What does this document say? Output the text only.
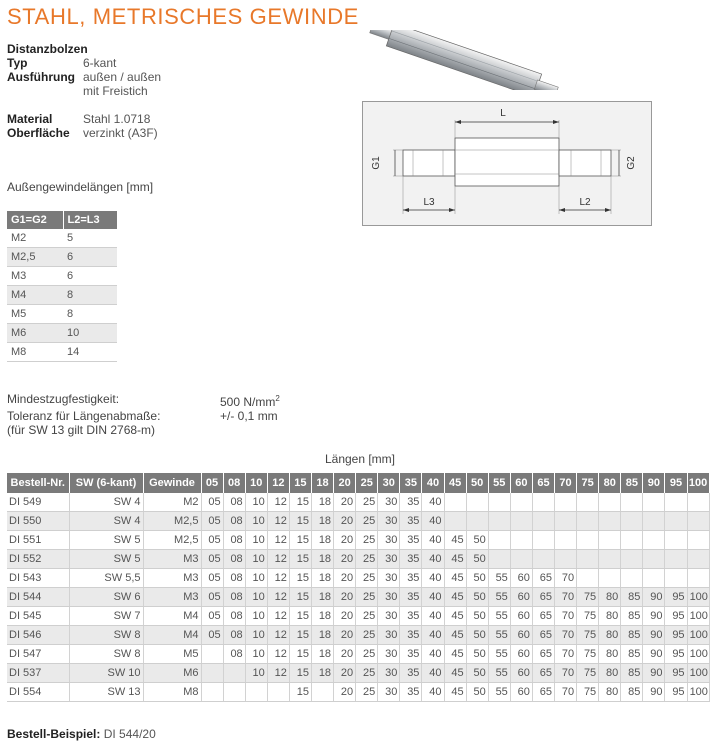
STAHL, METRISCHES GEWINDE
Distanzbolzen	
Typ	6-kant
Ausführung	außen / außen
	mit Freistich

Material	Stahl 1.0718
Oberfläche	verzinkt (A3F)
L
L3	L2
G1	G2
Außengewindelängen [mm]
G1=G2	L2=L3
M2	5
M2,5	6
M3	6
M4	8
M5	8
M6	10
M8	14
Mindestzugfestigkeit:	500 $N/mm^2$
Toleranz für Längenabmaße:	+/- 0,1 mm
(für SW 13 gilt DIN 2768-m)
Längen [mm]
Bestell-Nr.	SW (6-kant)	Gewinde	05	08	10	12	15	18	20	25	30	35	40	45	50	55	60	65	70	75	80	85	90	95	100
DI 549	SW 4	M2	05	08	10	12	15	18	20	25	30	35	40												
DI 550	SW 4	M2,5	05	08	10	12	15	18	20	25	30	35	40												
DI 551	SW 5	M2,5	05	08	10	12	15	18	20	25	30	35	40	45	50										
DI 552	SW 5	M3	05	08	10	12	15	18	20	25	30	35	40	45	50										
DI 543	SW 5,5	M3	05	08	10	12	15	18	20	25	30	35	40	45	50	55	60	65	70						
DI 544	SW 6	M3	05	08	10	12	15	18	20	25	30	35	40	45	50	55	60	65	70	75	80	85	90	95	100
DI 545	SW 7	M4	05	08	10	12	15	18	20	25	30	35	40	45	50	55	60	65	70	75	80	85	90	95	100
DI 546	SW 8	M4	05	08	10	12	15	18	20	25	30	35	40	45	50	55	60	65	70	75	80	85	90	95	100
DI 547	SW 8	M5		08	10	12	15	18	20	25	30	35	40	45	50	55	60	65	70	75	80	85	90	95	100
DI 537	SW 10	M6			10	12	15	18	20	25	30	35	40	45	50	55	60	65	70	75	80	85	90	95	100
DI 554	SW 13	M8					15		20	25	30	35	40	45	50	55	60	65	70	75	80	85	90	95	100
Bestell-Beispiel: DI 544/20
